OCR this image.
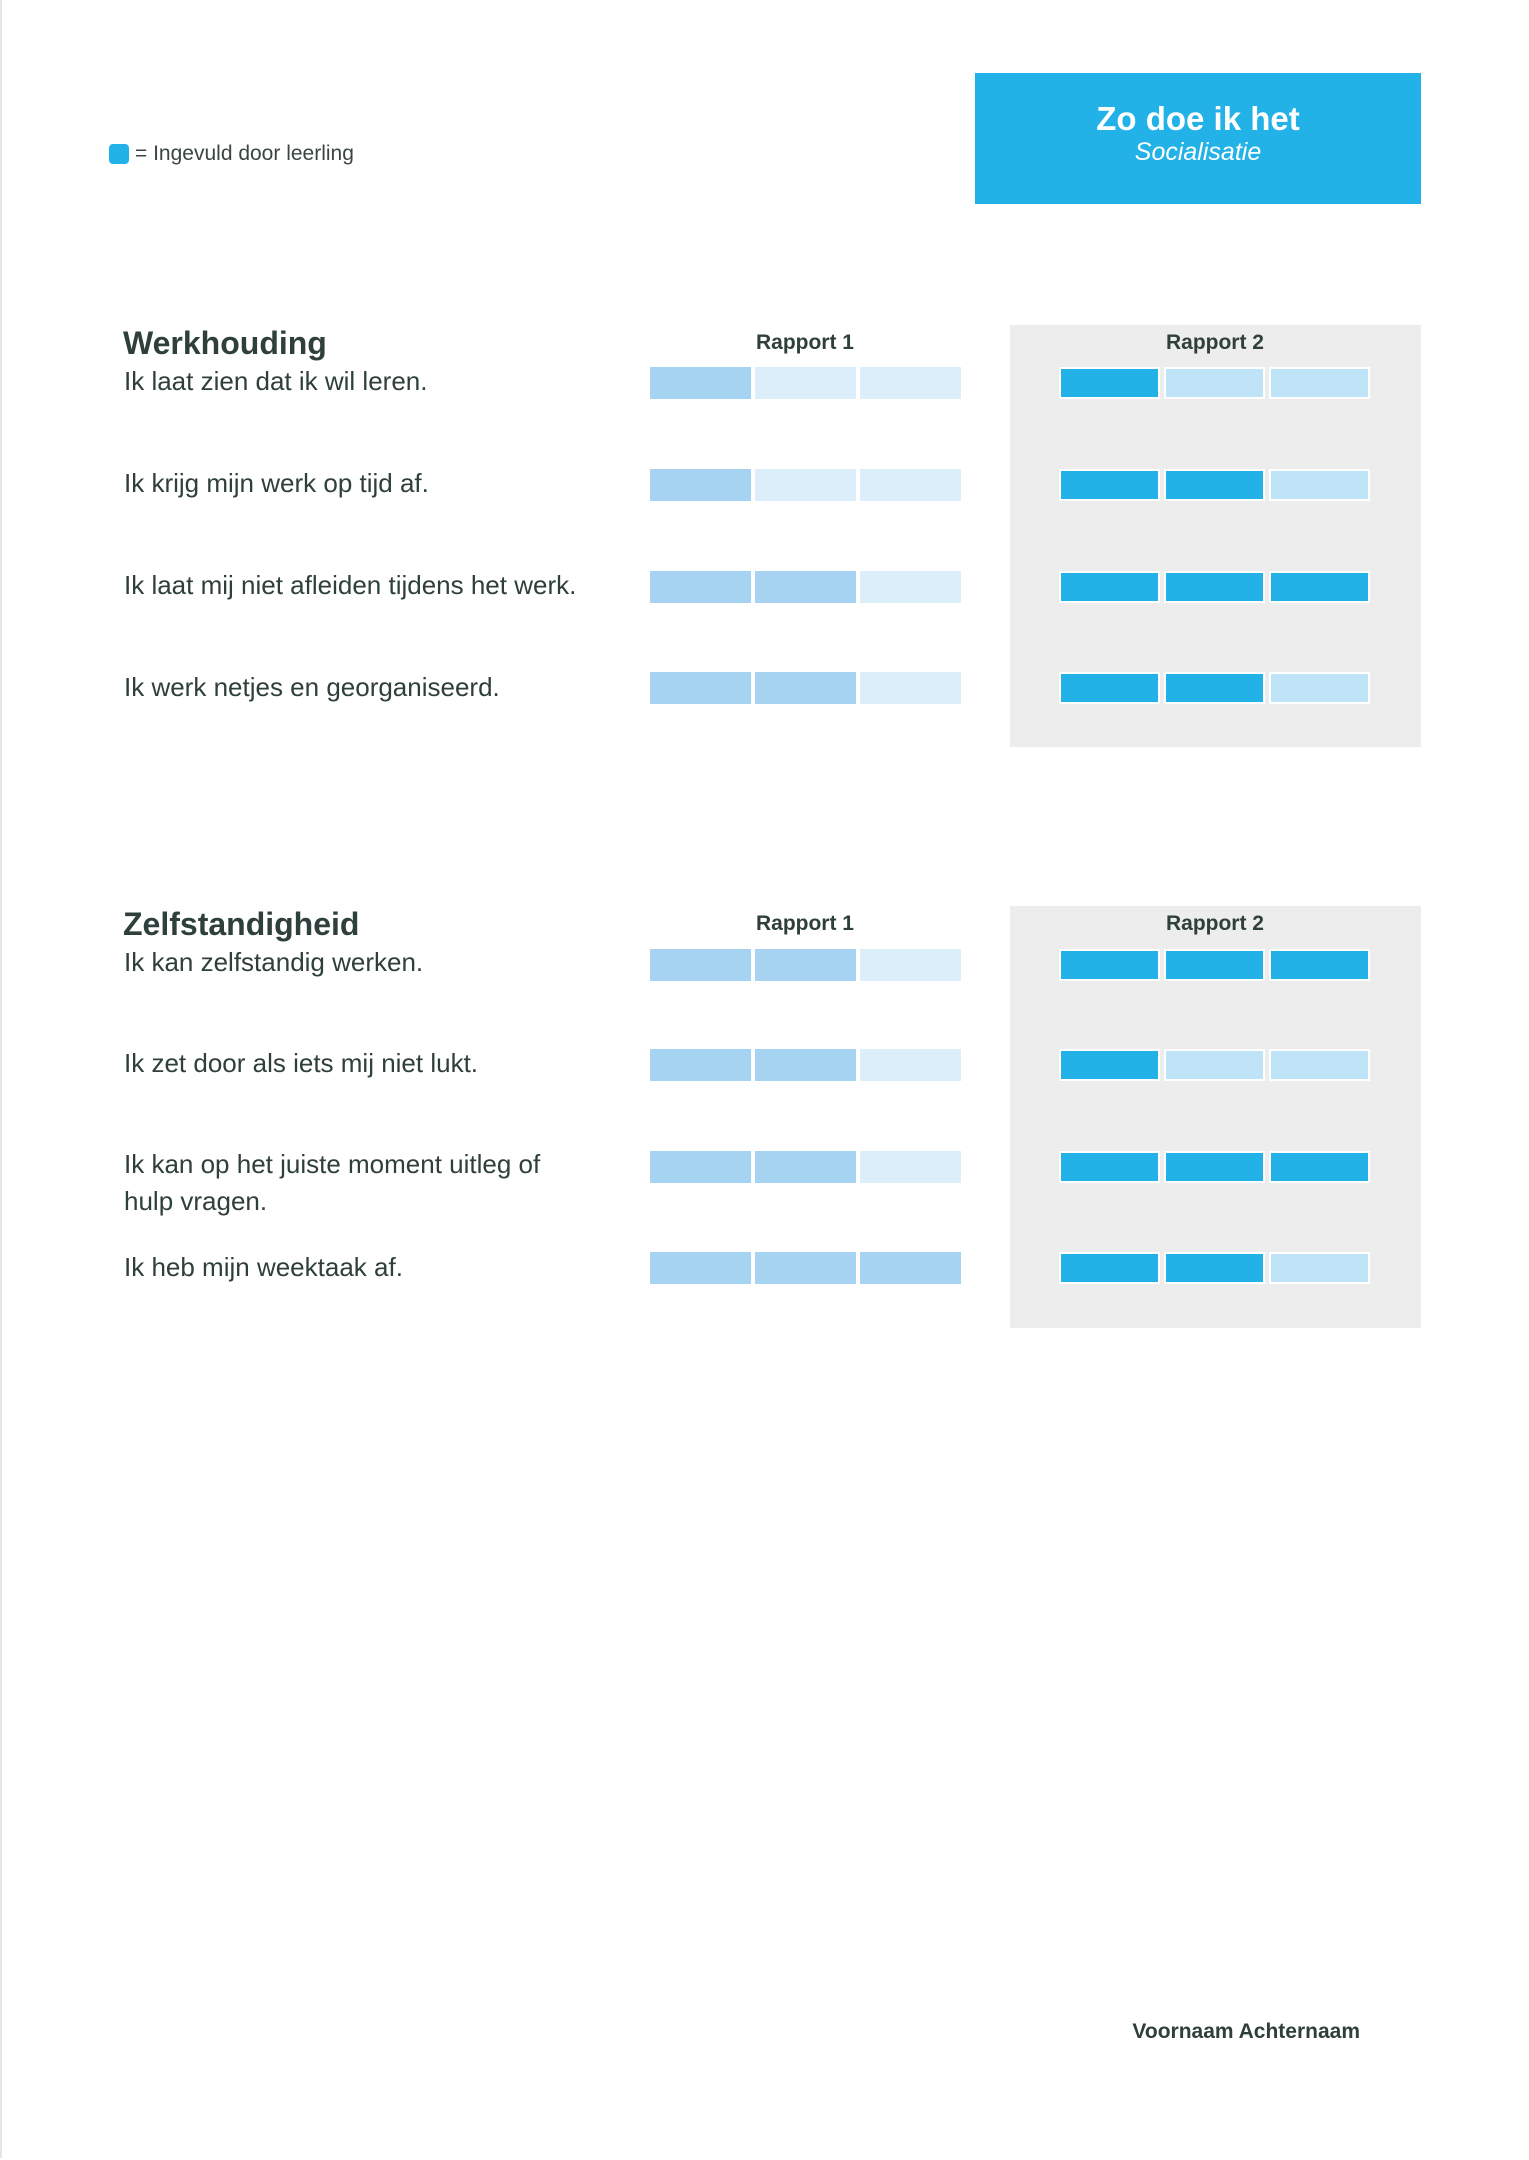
= Ingevuld door leerling
Zo doe ik het
Socialisatie
Werkhouding	Rapport 1	Rapport 2
Ik laat zien dat ik wil leren.
Ik krijg mijn werk op tijd af.
Ik laat mij niet afleiden tijdens het werk.
Ik werk netjes en georganiseerd.
Zelfstandigheid	Rapport 1	Rapport 2
Ik kan zelfstandig werken.
Ik zet door als iets mij niet lukt.
Ik kan op het juiste moment uitleg of hulp vragen.
Ik heb mijn weektaak af.
Voornaam Achternaam
